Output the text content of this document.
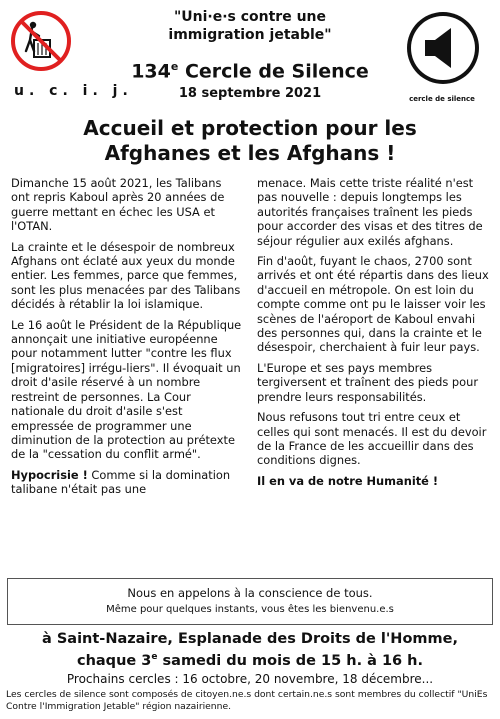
u. c. i. j.
"Uni·e·s contre une
immigration jetable"
134e Cercle de Silence
18 septembre 2021	cercle de silence
Accueil et protection pour les
Afghanes et les Afghans !

Dimanche 15 août 2021, les Talibans ont repris Kaboul après 20 années de guerre mettant en échec les USA et l'OTAN.

La crainte et le désespoir de nombreux Afghans ont éclaté aux yeux du monde entier. Les femmes, parce que femmes, sont les plus menacées par des Talibans décidés à rétablir la loi islamique.

Le 16 août le Président de la République annonçait une initiative européenne pour notamment lutter "contre les flux [migratoires] irrégu-liers". Il évoquait un droit d'asile réservé à un nombre restreint de personnes. La Cour nationale du droit d'asile s'est empressée de programmer une diminution de la protection au prétexte de la "cessation du conflit armé".

Hypocrisie ! Comme si la domination talibane n'était pas une

menace. Mais cette triste réalité n'est pas nouvelle : depuis longtemps les autorités françaises traînent les pieds pour accorder des visas et des titres de séjour régulier aux exilés afghans.

Fin d'août, fuyant le chaos, 2700 sont arrivés et ont été répartis dans des lieux d'accueil en métropole. On est loin du compte comme ont pu le laisser voir les scènes de l'aéroport de Kaboul envahi des personnes qui, dans la crainte et le désespoir, cherchaient à fuir leur pays.

L'Europe et ses pays membres tergiversent et traînent des pieds pour prendre leurs responsabilités.

Nous refusons tout tri entre ceux et celles qui sont menacés. Il est du devoir de la France de les accueillir dans des conditions dignes.

Il en va de notre Humanité !

Nous en appelons à la conscience de tous.
Même pour quelques instants, vous êtes les bienvenu.e.s
à Saint-Nazaire, Esplanade des Droits de l'Homme,
chaque 3e samedi du mois de 15 h. à 16 h.
Prochains cercles : 16 octobre, 20 novembre, 18 décembre...
Les cercles de silence sont composés de citoyen.ne.s dont certain.ne.s sont membres du collectif "UniEs Contre l'Immigration Jetable" région nazairienne.
